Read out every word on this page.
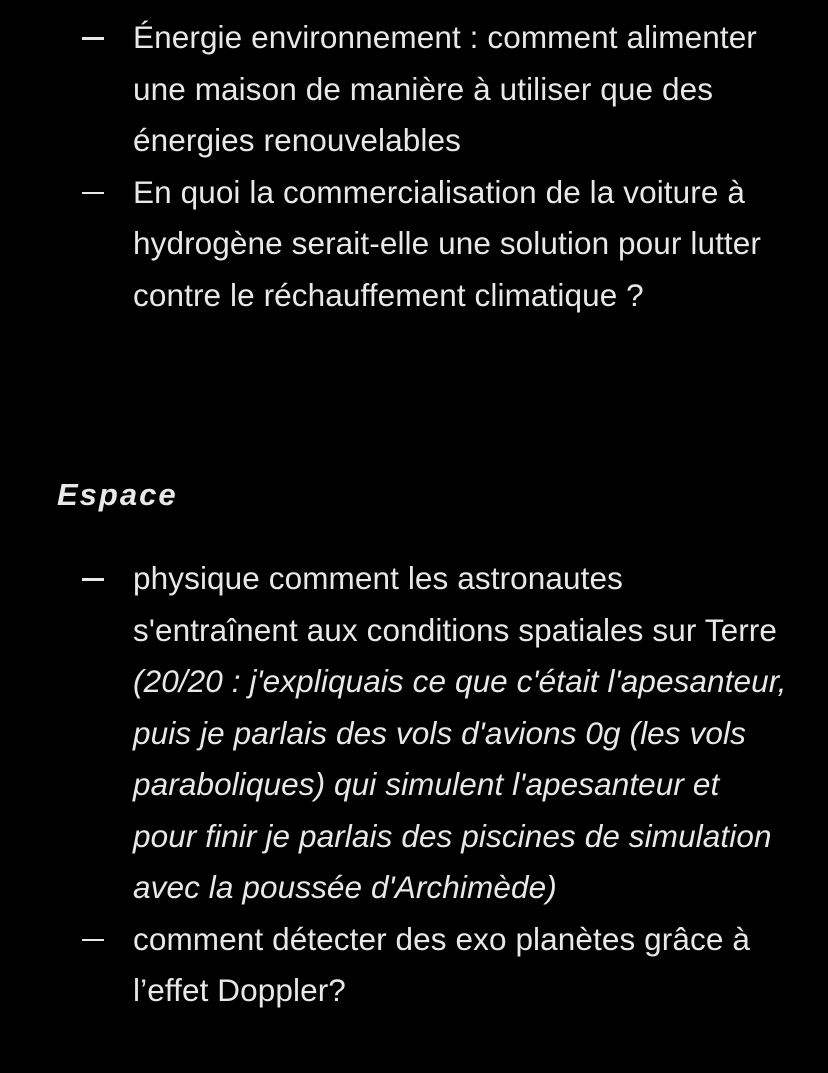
Énergie environnement : comment alimenter une maison de manière à utiliser que des énergies renouvelables
En quoi la commercialisation de la voiture à hydrogène serait-elle une solution pour lutter contre le réchauffement climatique ?
Espace
physique comment les astronautes s'entraînent aux conditions spatiales sur Terre (20/20 : j'expliquais ce que c'était l'apesanteur, puis je parlais des vols d'avions 0g (les vols paraboliques) qui simulent l'apesanteur et pour finir je parlais des piscines de simulation avec la poussée d'Archimède)
comment détecter des exo planètes grâce à l’effet Doppler?
